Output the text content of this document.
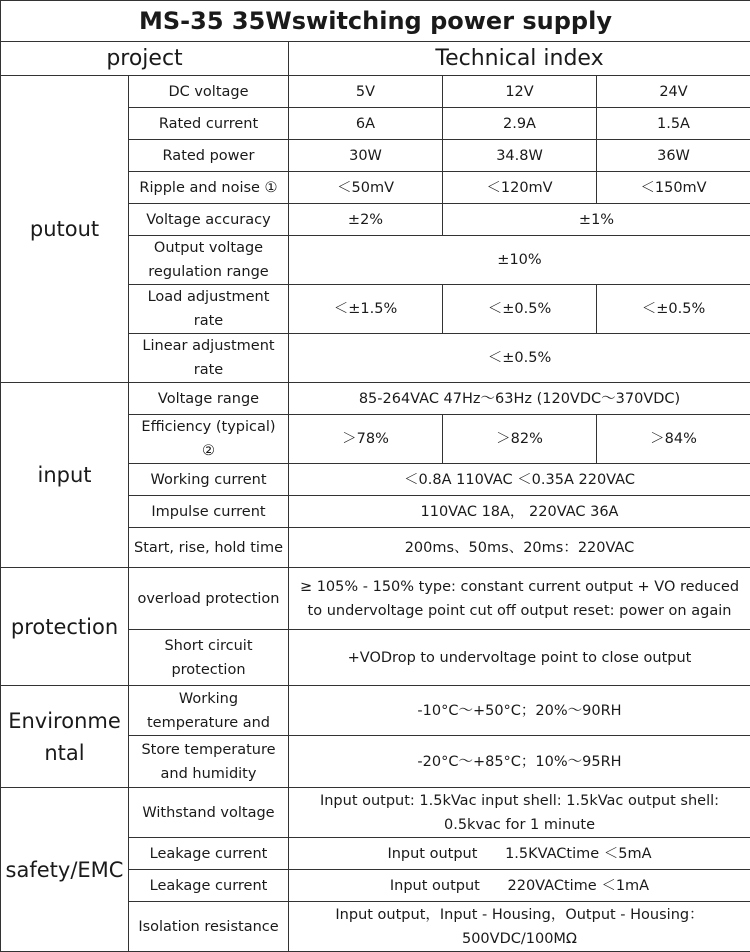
MS-35 35Wswitching power supply				
project		Technical index		
putout	DC voltage	5V	12V	24V
	Rated current	6A	2.9A	1.5A
	Rated power	30W	34.8W	36W
	Ripple and noise ①	＜50mV	＜120mV	＜150mV
	Voltage accuracy	±2%	±1%	
	Output voltage regulation range	±10%		
	Load adjustment rate	＜±1.5%	＜±0.5%	＜±0.5%
	Linear adjustment rate	＜±0.5%		
input	Voltage range	85-264VAC 47Hz～63Hz (120VDC～370VDC)		
	Efficiency (typical) ②	＞78%	＞82%	＞84%
	Working current	＜0.8A 110VAC ＜0.35A 220VAC		
	Impulse current	110VAC 18A， 220VAC 36A		
	Start, rise, hold time	200ms、50ms、20ms：220VAC		
protection	overload protection	≥ 105% - 150% type: constant current output + VO reduced to undervoltage point cut off output reset: power on again		
	Short circuit protection	+VODrop to undervoltage point to close output		
Environmental	Working temperature and	-10°C～+50°C；20%～90RH		
	Store temperature and humidity	-20°C～+85°C；10%～95RH		
safety/EMC	Withstand voltage	Input output: 1.5kVac input shell: 1.5kVac output shell: 0.5kvac for 1 minute		
	Leakage current	Input output      1.5KVACtime ＜5mA		
	Leakage current	Input output      220VACtime ＜1mA		
	Isolation resistance	Input output，Input - Housing，Output - Housing：500VDC/100MΩ		
